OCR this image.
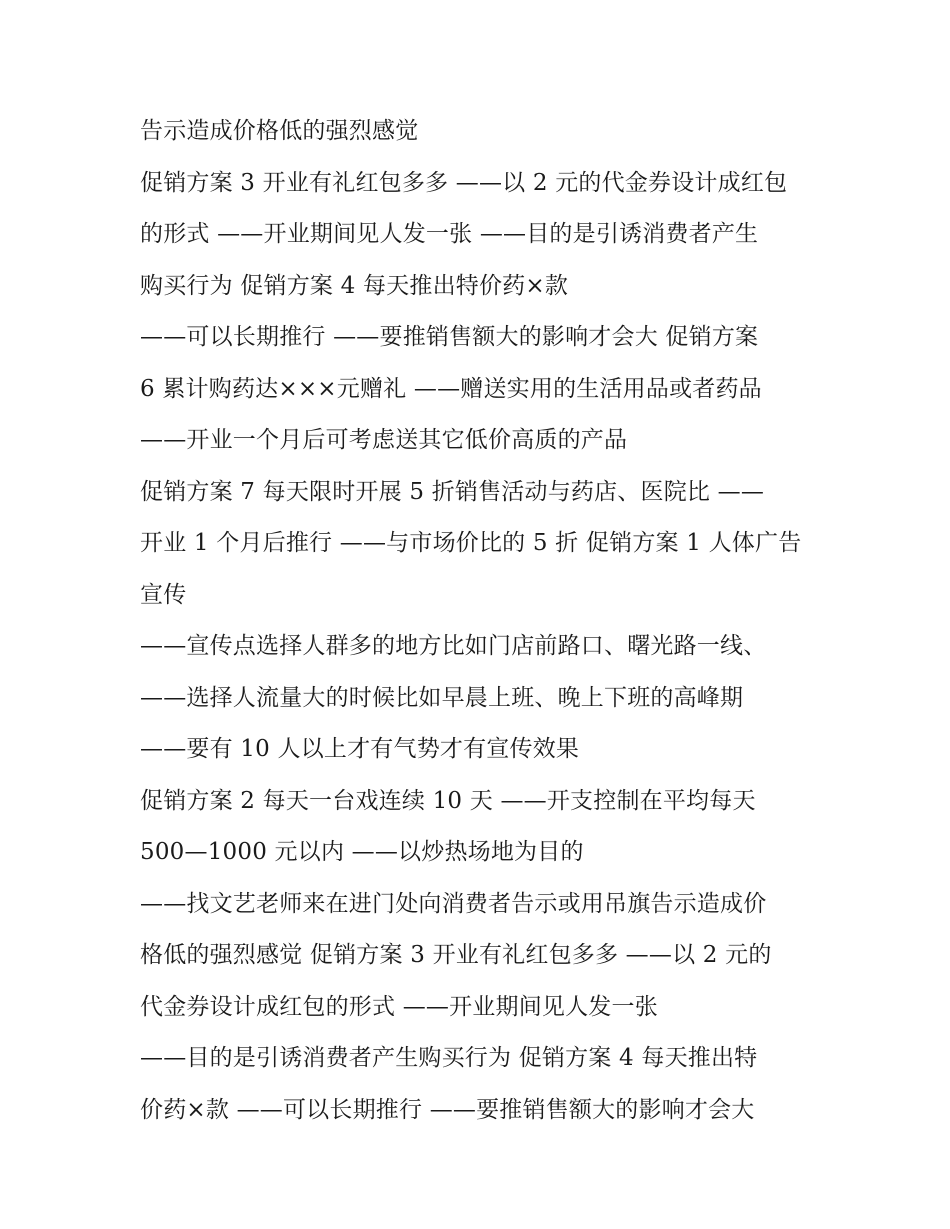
告示造成价格低的强烈感觉
促销方案 3 开业有礼红包多多 ——以 2 元的代金券设计成红包
的形式 ——开业期间见人发一张 ——目的是引诱消费者产生
购买行为 促销方案 4 每天推出特价药×款
——可以长期推行 ——要推销售额大的影响才会大 促销方案
6 累计购药达×××元赠礼 ——赠送实用的生活用品或者药品
——开业一个月后可考虑送其它低价高质的产品
促销方案 7 每天限时开展 5 折销售活动与药店、医院比 ——
开业 1 个月后推行 ——与市场价比的 5 折 促销方案 1 人体广告
宣传
——宣传点选择人群多的地方比如门店前路口、曙光路一线、
——选择人流量大的时候比如早晨上班、晚上下班的高峰期
——要有 10 人以上才有气势才有宣传效果
促销方案 2 每天一台戏连续 10 天 ——开支控制在平均每天
500—1000 元以内 ——以炒热场地为目的
——找文艺老师来在进门处向消费者告示或用吊旗告示造成价
格低的强烈感觉 促销方案 3 开业有礼红包多多 ——以 2 元的
代金券设计成红包的形式 ——开业期间见人发一张
——目的是引诱消费者产生购买行为 促销方案 4 每天推出特
价药×款 ——可以长期推行 ——要推销售额大的影响才会大
